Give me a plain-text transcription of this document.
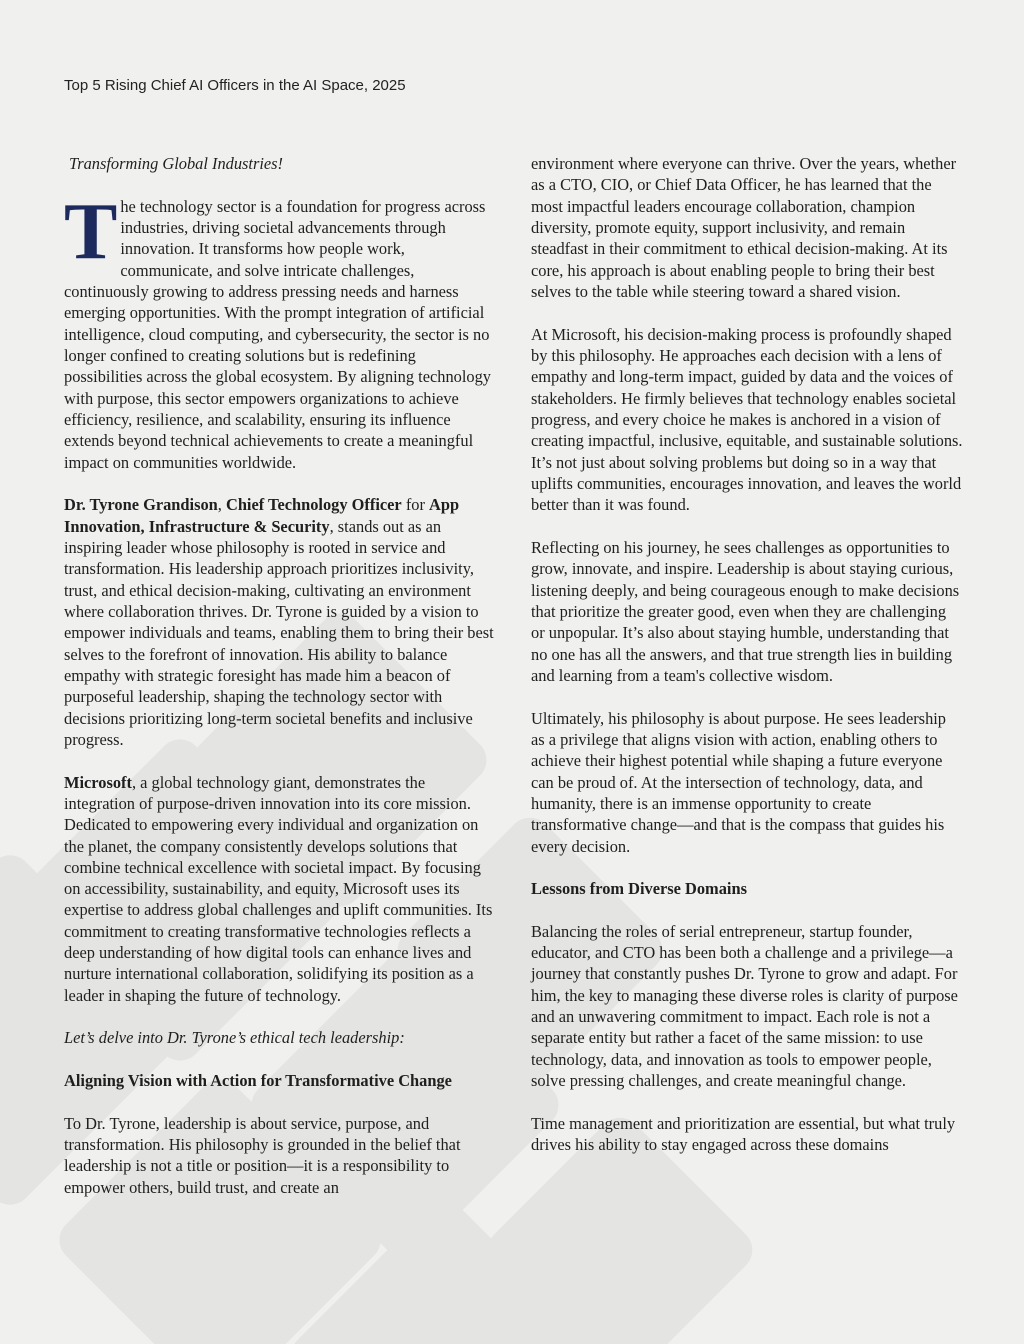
Top 5 Rising Chief AI Officers in the AI Space, 2025

Transforming Global Industries!

The technology sector is a foundation for progress across industries, driving societal advancements through innovation. It transforms how people work, communicate, and solve intricate challenges, continuously growing to address pressing needs and harness emerging opportunities. With the prompt integration of artificial intelligence, cloud computing, and cybersecurity, the sector is no longer confined to creating solutions but is redefining possibilities across the global ecosystem. By aligning technology with purpose, this sector empowers organizations to achieve efficiency, resilience, and scalability, ensuring its influence extends beyond technical achievements to create a meaningful impact on communities worldwide.

Dr. Tyrone Grandison, Chief Technology Officer for App Innovation, Infrastructure & Security, stands out as an inspiring leader whose philosophy is rooted in service and transformation. His leadership approach prioritizes inclusivity, trust, and ethical decision-making, cultivating an environment where collaboration thrives. Dr. Tyrone is guided by a vision to empower individuals and teams, enabling them to bring their best selves to the forefront of innovation. His ability to balance empathy with strategic foresight has made him a beacon of purposeful leadership, shaping the technology sector with decisions prioritizing long-term societal benefits and inclusive progress.

Microsoft, a global technology giant, demonstrates the integration of purpose-driven innovation into its core mission. Dedicated to empowering every individual and organization on the planet, the company consistently develops solutions that combine technical excellence with societal impact. By focusing on accessibility, sustainability, and equity, Microsoft uses its expertise to address global challenges and uplift communities. Its commitment to creating transformative technologies reflects a deep understanding of how digital tools can enhance lives and nurture international collaboration, solidifying its position as a leader in shaping the future of technology.

Let’s delve into Dr. Tyrone’s ethical tech leadership:

Aligning Vision with Action for Transformative Change

To Dr. Tyrone, leadership is about service, purpose, and transformation. His philosophy is grounded in the belief that leadership is not a title or position—it is a responsibility to empower others, build trust, and create an

environment where everyone can thrive. Over the years, whether as a CTO, CIO, or Chief Data Officer, he has learned that the most impactful leaders encourage collaboration, champion diversity, promote equity, support inclusivity, and remain steadfast in their commitment to ethical decision-making. At its core, his approach is about enabling people to bring their best selves to the table while steering toward a shared vision.

At Microsoft, his decision-making process is profoundly shaped by this philosophy. He approaches each decision with a lens of empathy and long-term impact, guided by data and the voices of stakeholders. He firmly believes that technology enables societal progress, and every choice he makes is anchored in a vision of creating impactful, inclusive, equitable, and sustainable solutions. It’s not just about solving problems but doing so in a way that uplifts communities, encourages innovation, and leaves the world better than it was found.

Reflecting on his journey, he sees challenges as opportunities to grow, innovate, and inspire. Leadership is about staying curious, listening deeply, and being courageous enough to make decisions that prioritize the greater good, even when they are challenging or unpopular. It’s also about staying humble, understanding that no one has all the answers, and that true strength lies in building and learning from a team's collective wisdom.

Ultimately, his philosophy is about purpose. He sees leadership as a privilege that aligns vision with action, enabling others to achieve their highest potential while shaping a future everyone can be proud of. At the intersection of technology, data, and humanity, there is an immense opportunity to create transformative change—and that is the compass that guides his every decision.

Lessons from Diverse Domains

Balancing the roles of serial entrepreneur, startup founder, educator, and CTO has been both a challenge and a privilege—a journey that constantly pushes Dr. Tyrone to grow and adapt. For him, the key to managing these diverse roles is clarity of purpose and an unwavering commitment to impact. Each role is not a separate entity but rather a facet of the same mission: to use technology, data, and innovation as tools to empower people, solve pressing challenges, and create meaningful change.

Time management and prioritization are essential, but what truly drives his ability to stay engaged across these domains
